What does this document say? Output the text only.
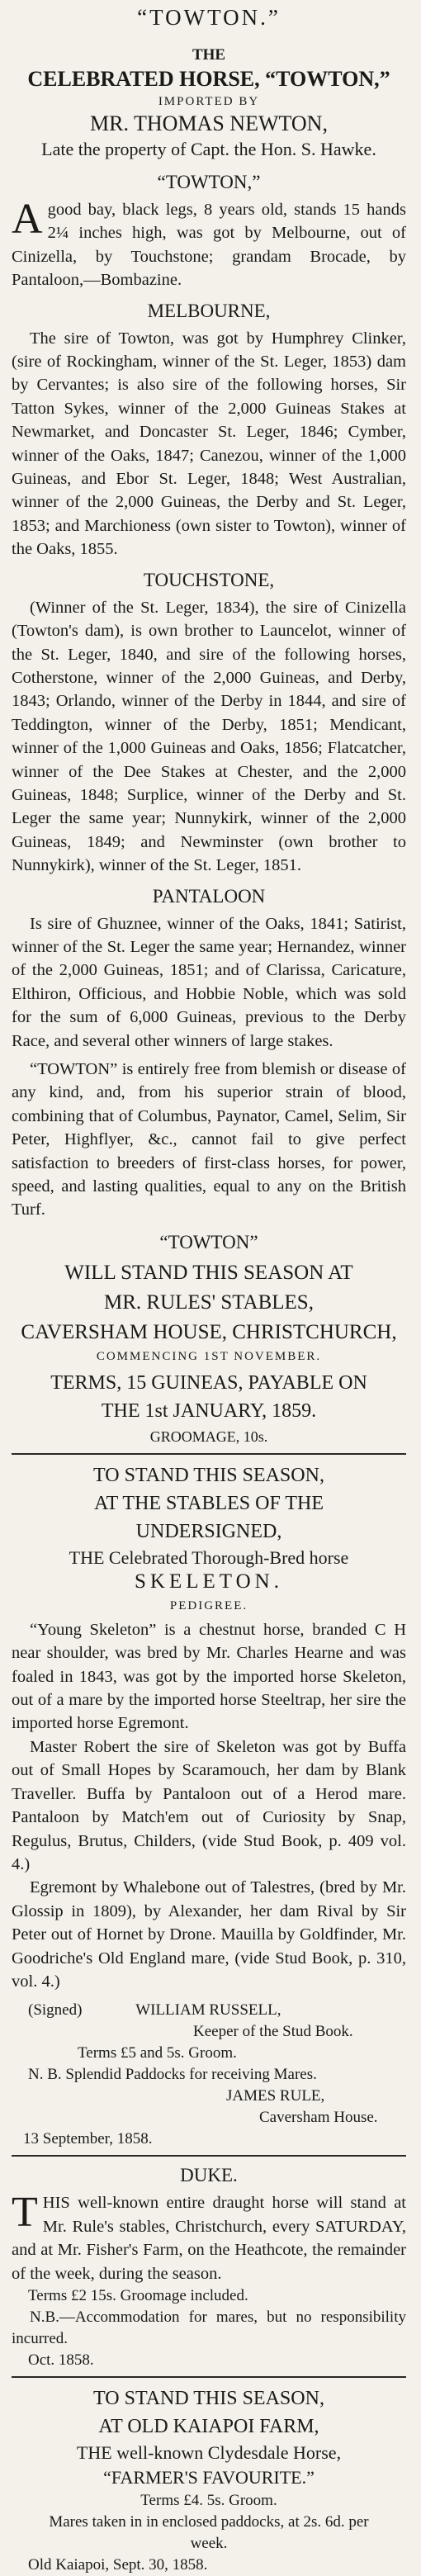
“TOWTON.”
THE
CELEBRATED HORSE, “TOWTON,”
IMPORTED BY
MR. THOMAS NEWTON,
Late the property of Capt. the Hon. S. Hawke.
“TOWTON,”

Agood bay, black legs, 8 years old, stands 15 hands 2¼ inches high, was got by Melbourne, out of Cinizella, by Touchstone; grandam Brocade, by Pantaloon,—Bombazine.

MELBOURNE,

The sire of Towton, was got by Humphrey Clinker, (sire of Rockingham, winner of the St. Leger, 1853) dam by Cervantes; is also sire of the following horses, Sir Tatton Sykes, winner of the 2,000 Guineas Stakes at Newmarket, and Doncaster St. Leger, 1846; Cymber, winner of the Oaks, 1847; Canezou, winner of the 1,000 Guineas, and Ebor St. Leger, 1848; West Australian, winner of the 2,000 Guineas, the Derby and St. Leger, 1853; and Marchioness (own sister to Towton), winner of the Oaks, 1855.

TOUCHSTONE,

(Winner of the St. Leger, 1834), the sire of Cinizella (Towton's dam), is own brother to Launcelot, winner of the St. Leger, 1840, and sire of the following horses, Cotherstone, winner of the 2,000 Guineas, and Derby, 1843; Orlando, winner of the Derby in 1844, and sire of Teddington, winner of the Derby, 1851; Mendicant, winner of the 1,000 Guineas and Oaks, 1856; Flatcatcher, winner of the Dee Stakes at Chester, and the 2,000 Guineas, 1848; Surplice, winner of the Derby and St. Leger the same year; Nunnykirk, winner of the 2,000 Guineas, 1849; and Newminster (own brother to Nunnykirk), winner of the St. Leger, 1851.

PANTALOON

Is sire of Ghuznee, winner of the Oaks, 1841; Satirist, winner of the St. Leger the same year; Hernandez, winner of the 2,000 Guineas, 1851; and of Clarissa, Caricature, Elthiron, Officious, and Hobbie Noble, which was sold for the sum of 6,000 Guineas, previous to the Derby Race, and several other winners of large stakes.

“TOWTON” is entirely free from blemish or disease of any kind, and, from his superior strain of blood, combining that of Columbus, Paynator, Camel, Selim, Sir Peter, Highflyer, &c., cannot fail to give perfect satisfaction to breeders of first-class horses, for power, speed, and lasting qualities, equal to any on the British Turf.

“TOWTON”
WILL STAND THIS SEASON AT
MR. RULES' STABLES,
CAVERSHAM HOUSE, CHRISTCHURCH,
COMMENCING 1ST NOVEMBER.
TERMS, 15 GUINEAS, PAYABLE ON
THE 1st JANUARY, 1859.
GROOMAGE, 10s.
TO STAND THIS SEASON,
AT THE STABLES OF THE
UNDERSIGNED,
THE Celebrated Thorough-Bred horse
SKELETON.
PEDIGREE.

“Young Skeleton” is a chestnut horse, branded C H near shoulder, was bred by Mr. Charles Hearne and was foaled in 1843, was got by the imported horse Skeleton, out of a mare by the imported horse Steeltrap, her sire the imported horse Egremont.

Master Robert the sire of Skeleton was got by Buffa out of Small Hopes by Scaramouch, her dam by Blank Traveller. Buffa by Pantaloon out of a Herod mare. Pantaloon by Match'em out of Curiosity by Snap, Regulus, Brutus, Childers, (vide Stud Book, p. 409 vol. 4.)

Egremont by Whalebone out of Talestres, (bred by Mr. Glossip in 1809), by Alexander, her dam Rival by Sir Peter out of Hornet by Drone. Mauilla by Goldfinder, Mr. Goodriche's Old England mare, (vide Stud Book, p. 310, vol. 4.)

(Signed)	WILLIAM RUSSELL,
Keeper of the Stud Book.
Terms £5 and 5s. Groom.
N. B. Splendid Paddocks for receiving Mares.
JAMES RULE,
Caversham House.
13 September, 1858.
DUKE.

THIS well-known entire draught horse will stand at Mr. Rule's stables, Christchurch, every SATURDAY, and at Mr. Fisher's Farm, on the Heathcote, the remainder of the week, during the season.

Terms £2 15s. Groomage included.

N.B.—Accommodation for mares, but no responsibility incurred.

Oct. 1858.
TO STAND THIS SEASON,
AT OLD KAIAPOI FARM,
THE well-known Clydesdale Horse,
“FARMER'S FAVOURITE.”
Terms £4. 5s. Groom.
Mares taken in in enclosed paddocks, at 2s. 6d. per week.
Old Kaiapoi, Sept. 30, 1858.
